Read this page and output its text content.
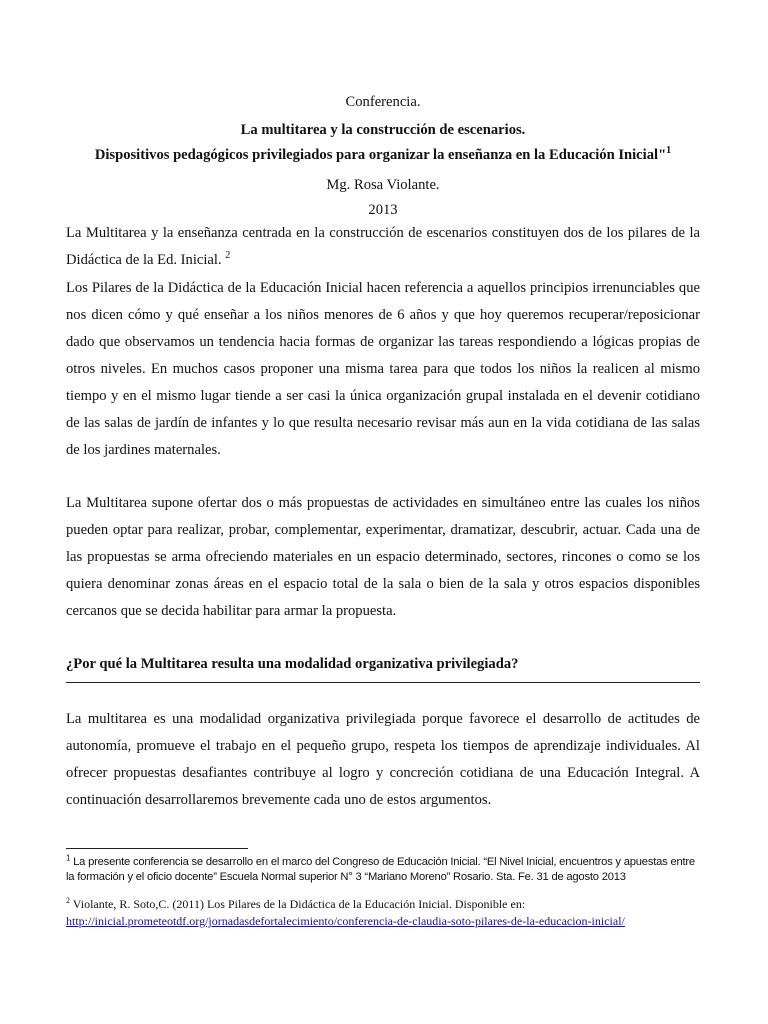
Conferencia.
La multitarea y la construcción de escenarios.
Dispositivos pedagógicos privilegiados para organizar la enseñanza en la Educación Inicial"$^1$
Mg. Rosa Violante.
2013
La Multitarea y la enseñanza centrada en la construcción de escenarios constituyen dos de los pilares de la Didáctica de la Ed. Inicial. $^2$
Los Pilares de la Didáctica de la Educación Inicial hacen referencia a aquellos principios irrenunciables que nos dicen cómo y qué enseñar a los niños menores de 6 años y que hoy queremos recuperar/reposicionar dado que observamos un tendencia hacia formas de organizar las tareas respondiendo a lógicas propias de otros niveles. En muchos casos proponer una misma tarea para que todos los niños la realicen al mismo tiempo y en el mismo lugar tiende a ser casi la única organización grupal instalada en el devenir cotidiano de las salas de jardín de infantes y lo que resulta necesario revisar más aun en la vida cotidiana de las salas de los jardines maternales.
La Multitarea supone ofertar dos o más propuestas de actividades en simultáneo entre las cuales los niños pueden optar para realizar, probar, complementar, experimentar, dramatizar, descubrir, actuar. Cada una de las propuestas se arma ofreciendo materiales en un espacio determinado, sectores, rincones o como se los quiera denominar zonas áreas en el espacio total de la sala o bien de la sala y otros espacios disponibles cercanos que se decida habilitar para armar la propuesta.
¿Por qué la Multitarea resulta una modalidad organizativa privilegiada?
La multitarea es una modalidad organizativa privilegiada porque favorece el desarrollo de actitudes de autonomía, promueve el trabajo en el pequeño grupo, respeta los tiempos de aprendizaje individuales. Al ofrecer propuestas desafiantes contribuye al logro y concreción cotidiana de una Educación Integral. A continuación desarrollaremos brevemente cada uno de estos argumentos.
$^1$ La presente conferencia se desarrollo en el marco del Congreso de Educación Inicial. “El Nivel Inicial, encuentros y apuestas entre la formación y el oficio docente” Escuela Normal superior N° 3 “Mariano Moreno” Rosario. Sta. Fe. 31 de agosto 2013
$^2$ Violante, R. Soto,C. (2011) Los Pilares de la Didáctica de la Educación Inicial. Disponible en:
http://inicial.prometeotdf.org/jornadasdefortalecimiento/conferencia-de-claudia-soto-pilares-de-la-educacion-inicial/
